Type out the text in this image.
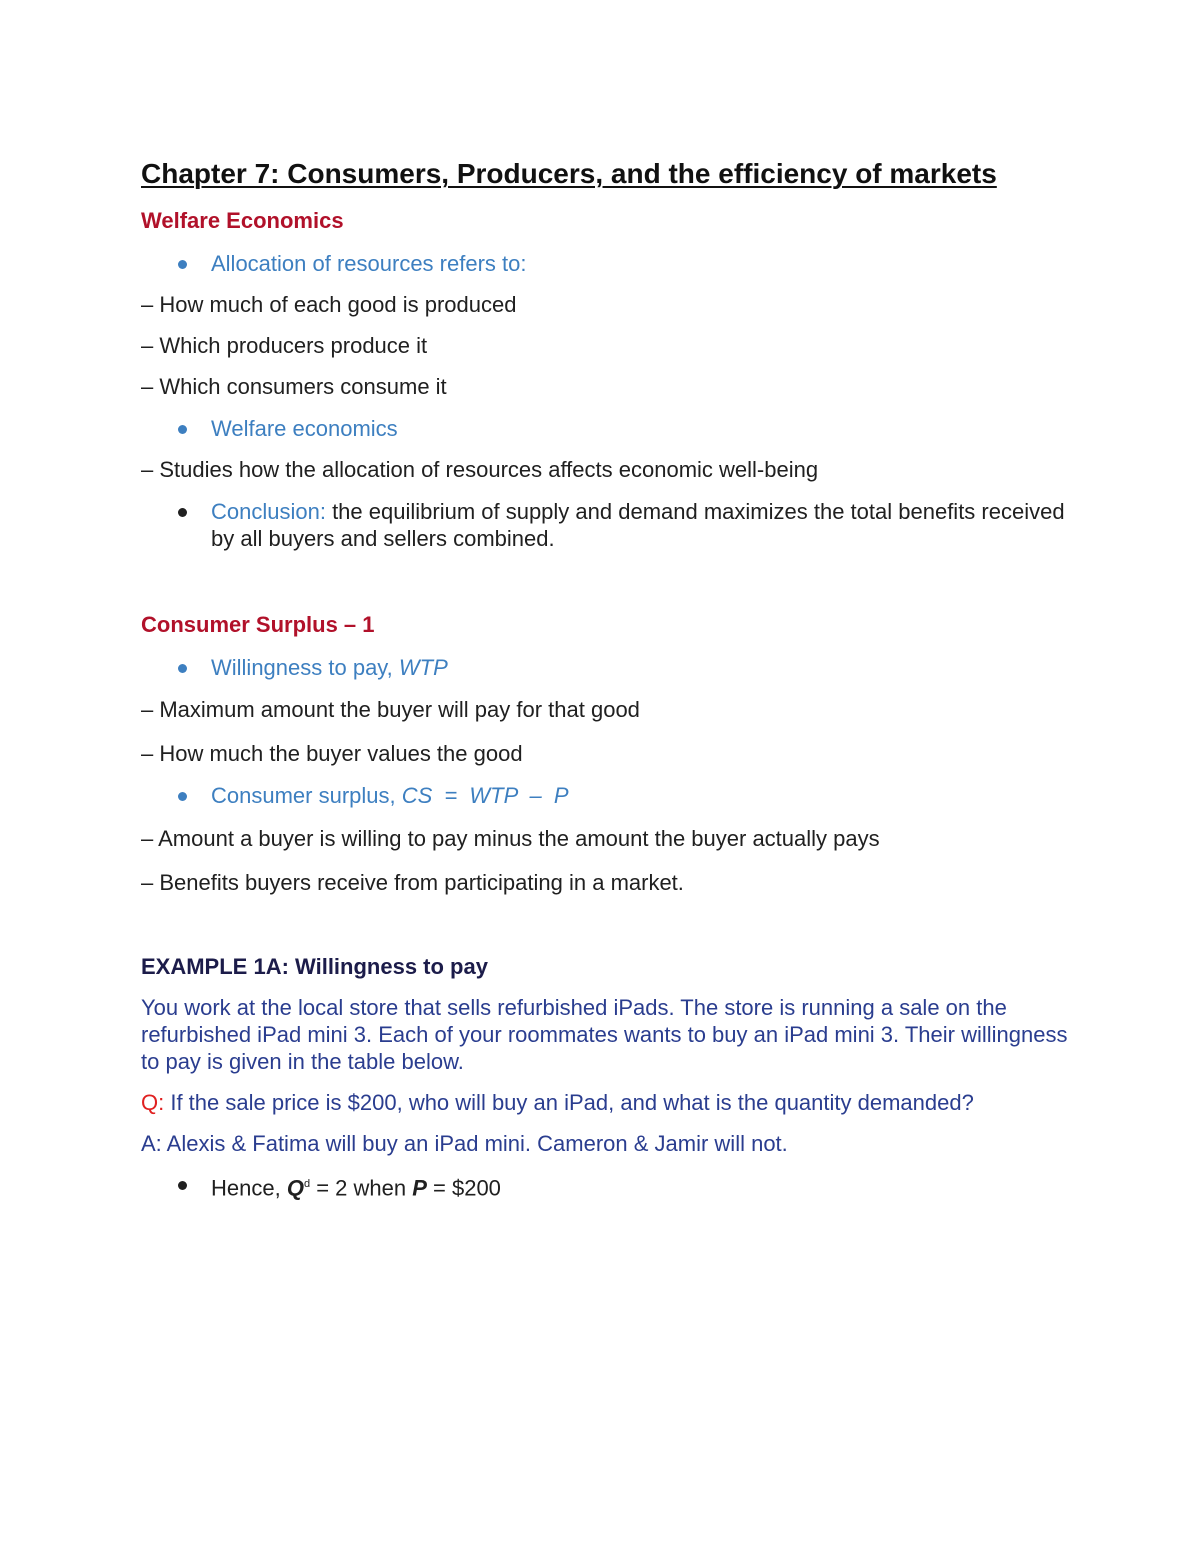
Chapter 7: Consumers, Producers, and the efficiency of markets
Welfare Economics
Allocation of resources refers to:
– How much of each good is produced
– Which producers produce it
– Which consumers consume it
Welfare economics
– Studies how the allocation of resources affects economic well-being
Conclusion: the equilibrium of supply and demand maximizes the total benefits received by all buyers and sellers combined.
Consumer Surplus – 1
Willingness to pay, WTP
– Maximum amount the buyer will pay for that good
– How much the buyer values the good
Consumer surplus, CS = WTP – P
– Amount a buyer is willing to pay minus the amount the buyer actually pays
– Benefits buyers receive from participating in a market.
EXAMPLE 1A: Willingness to pay
You work at the local store that sells refurbished iPads. The store is running a sale on the refurbished iPad mini 3. Each of your roommates wants to buy an iPad mini 3. Their willingness to pay is given in the table below.
Q: If the sale price is $200, who will buy an iPad, and what is the quantity demanded?
A: Alexis & Fatima will buy an iPad mini. Cameron & Jamir will not.
Hence, $Q^d = 2$ when P = $200
